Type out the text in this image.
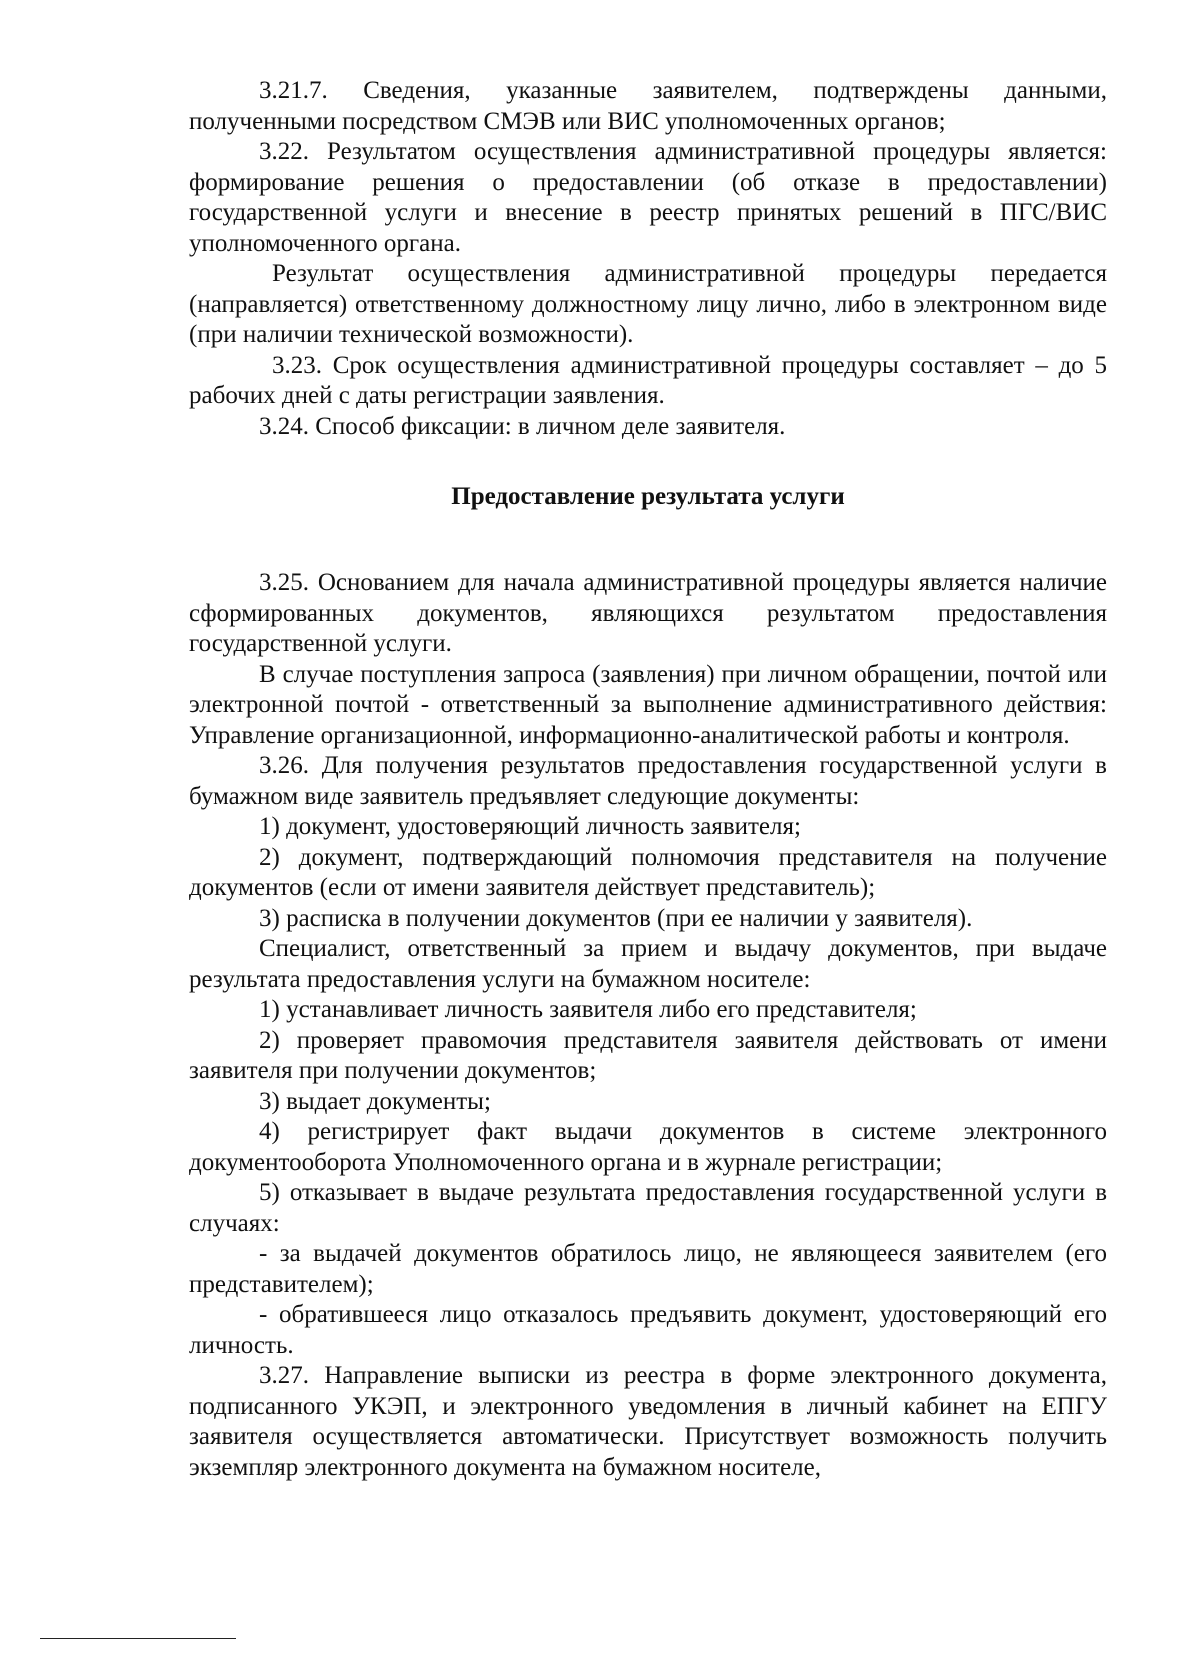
3.21.7. Сведения, указанные заявителем, подтверждены данными, полученными посредством СМЭВ или ВИС уполномоченных органов;

3.22. Результатом осуществления административной процедуры является: формирование решения о предоставлении (об отказе в предоставлении) государственной услуги и внесение в реестр принятых решений в ПГС/ВИС уполномоченного органа.

Результат осуществления административной процедуры передается (направляется) ответственному должностному лицу лично, либо в электронном виде (при наличии технической возможности).

3.23. Срок осуществления административной процедуры составляет – до 5 рабочих дней с даты регистрации заявления.

3.24. Способ фиксации: в личном деле заявителя.

Предоставление результата услуги

3.25. Основанием для начала административной процедуры является наличие сформированных документов, являющихся результатом предоставления государственной услуги.

В случае поступления запроса (заявления) при личном обращении, почтой или электронной почтой - ответственный за выполнение административного действия: Управление организационной, информационно-аналитической работы и контроля.

3.26. Для получения результатов предоставления государственной услуги в бумажном виде заявитель предъявляет следующие документы:

1) документ, удостоверяющий личность заявителя;

2) документ, подтверждающий полномочия представителя на получение документов (если от имени заявителя действует представитель);

3) расписка в получении документов (при ее наличии у заявителя).

Специалист, ответственный за прием и выдачу документов, при выдаче результата предоставления услуги на бумажном носителе:

1) устанавливает личность заявителя либо его представителя;

2) проверяет правомочия представителя заявителя действовать от имени заявителя при получении документов;

3) выдает документы;

4) регистрирует факт выдачи документов в системе электронного документооборота Уполномоченного органа и в журнале регистрации;

5) отказывает в выдаче результата предоставления государственной услуги в случаях:

- за выдачей документов обратилось лицо, не являющееся заявителем (его представителем);

- обратившееся лицо отказалось предъявить документ, удостоверяющий его личность.

3.27. Направление выписки из реестра в форме электронного документа, подписанного УКЭП, и электронного уведомления в личный кабинет на ЕПГУ заявителя осуществляется автоматически. Присутствует возможность получить экземпляр электронного документа на бумажном носителе,
